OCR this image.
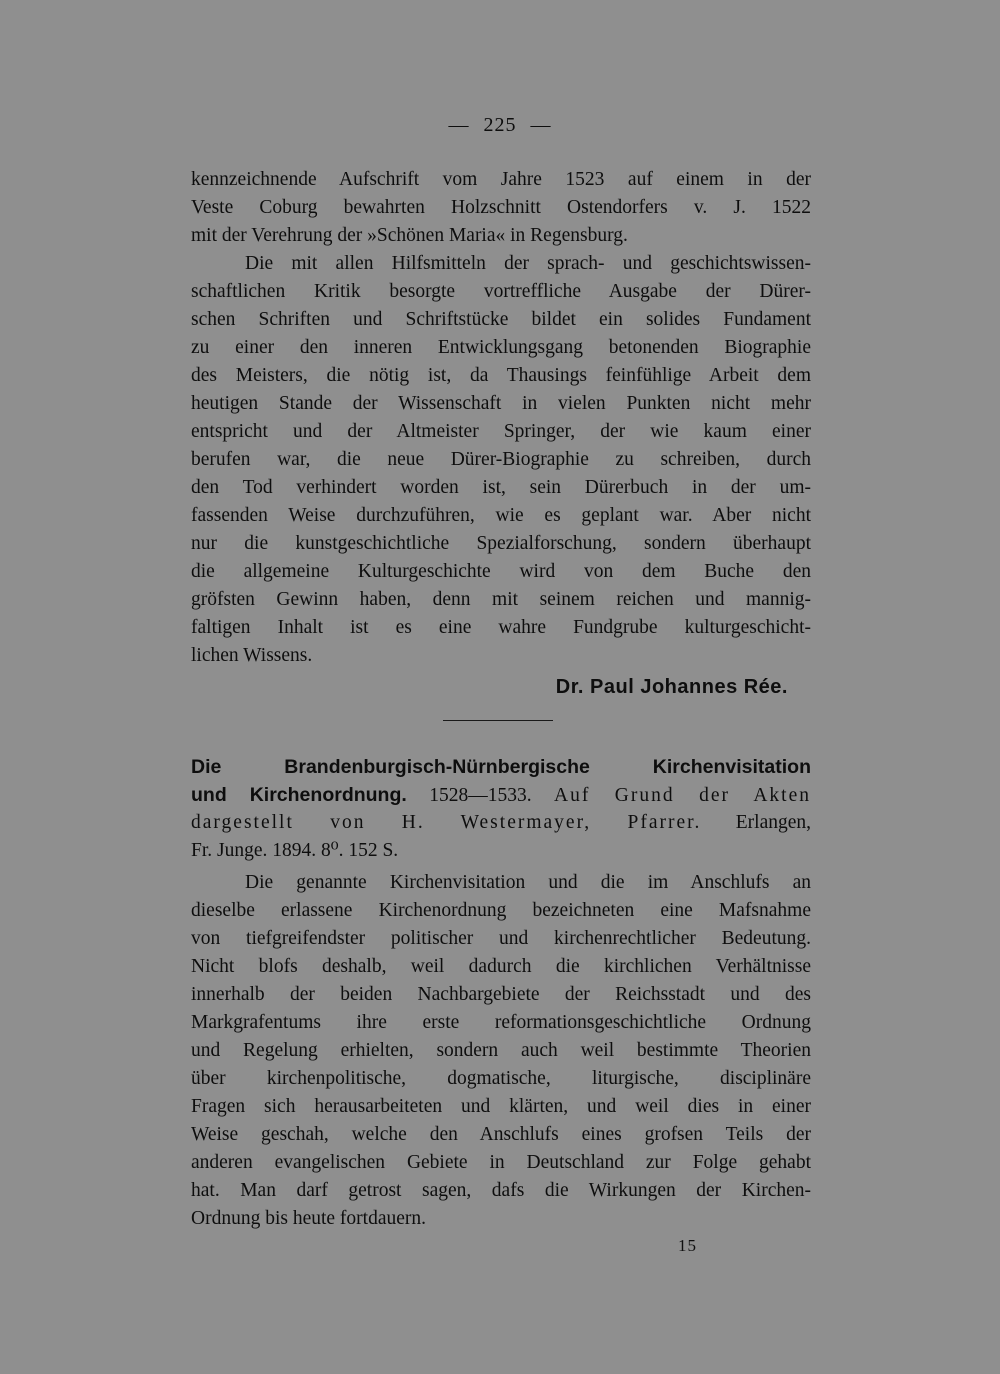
— 225 —
kennzeichnende Aufschrift vom Jahre 1523 auf einem in der
Veste Coburg bewahrten Holzschnitt Ostendorfers v. J. 1522
mit der Verehrung der »Schönen Maria« in Regensburg.
Die mit allen Hilfsmitteln der sprach- und geschichtswissen-
schaftlichen Kritik besorgte vortreffliche Ausgabe der Dürer-
schen Schriften und Schriftstücke bildet ein solides Fundament
zu einer den inneren Entwicklungsgang betonenden Biographie
des Meisters, die nötig ist, da Thausings feinfühlige Arbeit dem
heutigen Stande der Wissenschaft in vielen Punkten nicht mehr
entspricht und der Altmeister Springer, der wie kaum einer
berufen war, die neue Dürer-Biographie zu schreiben, durch
den Tod verhindert worden ist, sein Dürerbuch in der um-
fassenden Weise durchzuführen, wie es geplant war. Aber nicht
nur die kunstgeschichtliche Spezialforschung, sondern überhaupt
die allgemeine Kulturgeschichte wird von dem Buche den
gröfsten Gewinn haben, denn mit seinem reichen und mannig-
faltigen Inhalt ist es eine wahre Fundgrube kulturgeschicht-
lichen Wissens.
Dr. Paul Johannes Rée.
Die Brandenburgisch-Nürnbergische Kirchenvisitation
und Kirchenordnung. 1528—1533. Auf Grund der Akten
dargestellt von H. Westermayer, Pfarrer. Erlangen,
Fr. Junge. 1894. 8⁰. 152 S.
Die genannte Kirchenvisitation und die im Anschlufs an
dieselbe erlassene Kirchenordnung bezeichneten eine Mafsnahme
von tiefgreifendster politischer und kirchenrechtlicher Bedeutung.
Nicht blofs deshalb, weil dadurch die kirchlichen Verhältnisse
innerhalb der beiden Nachbargebiete der Reichsstadt und des
Markgrafentums ihre erste reformationsgeschichtliche Ordnung
und Regelung erhielten, sondern auch weil bestimmte Theorien
über kirchenpolitische, dogmatische, liturgische, disciplinäre
Fragen sich herausarbeiteten und klärten, und weil dies in einer
Weise geschah, welche den Anschlufs eines grofsen Teils der
anderen evangelischen Gebiete in Deutschland zur Folge gehabt
hat. Man darf getrost sagen, dafs die Wirkungen der Kirchen-
Ordnung bis heute fortdauern.
15
